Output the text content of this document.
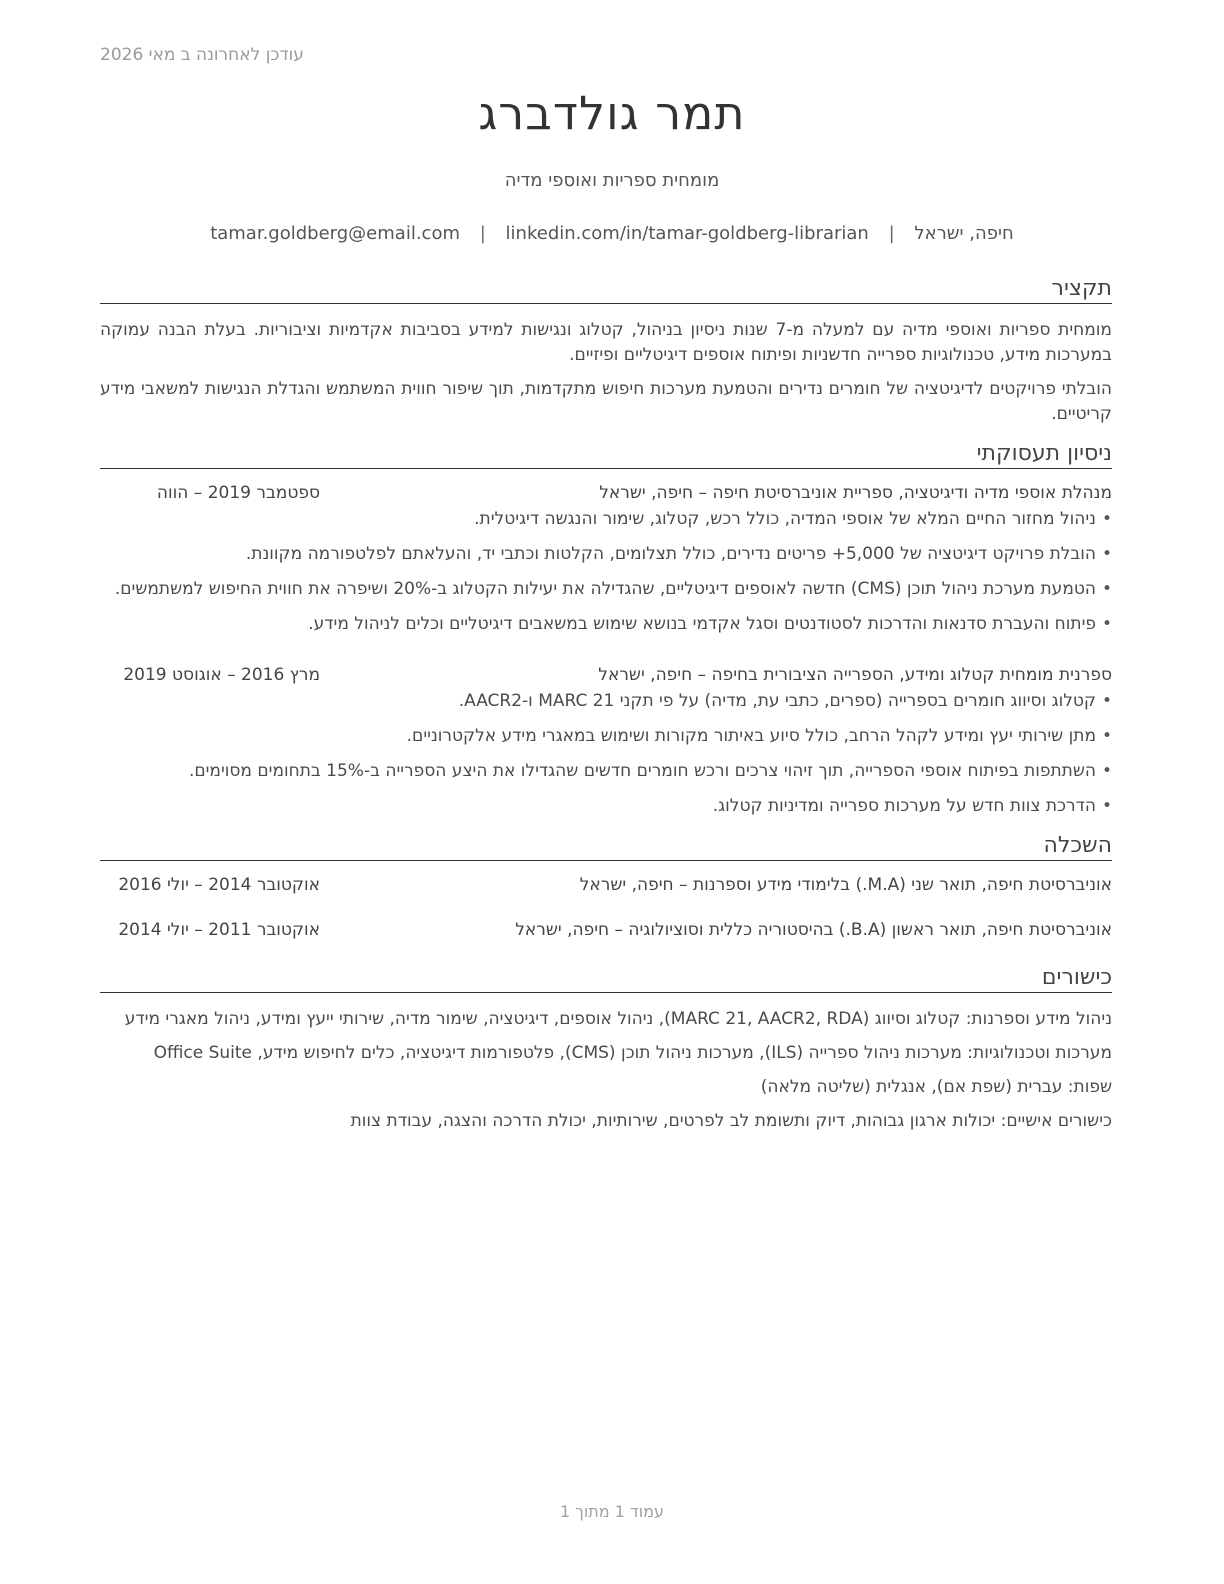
עודכן לאחרונה ב מאי 2026
תמר גולדברג
מומחית ספריות ואוספי מדיה
חיפה, ישראל | tamar.goldberg@email.com | linkedin.com/in/tamar-goldberg-librarian
תקציר

מומחית ספריות ואוספי מדיה עם למעלה מ-7 שנות ניסיון בניהול, קטלוג ונגישות למידע בסביבות אקדמיות וציבוריות. בעלת הבנה עמוקה במערכות מידע, טכנולוגיות ספרייה חדשניות ופיתוח אוספים דיגיטליים ופיזיים.

הובלתי פרויקטים לדיגיטציה של חומרים נדירים והטמעת מערכות חיפוש מתקדמות, תוך שיפור חווית המשתמש והגדלת הנגישות למשאבי מידע קריטיים.

ניסיון תעסוקתי
מנהלת אוספי מדיה ודיגיטציה, ספריית אוניברסיטת חיפה – חיפה, ישראל
ספטמבר 2019 – הווה
• ניהול מחזור החיים המלא של אוספי המדיה, כולל רכש, קטלוג, שימור והנגשה דיגיטלית.
• הובלת פרויקט דיגיטציה של 5,000+ פריטים נדירים, כולל תצלומים, הקלטות וכתבי יד, והעלאתם לפלטפורמה מקוונת.
• הטמעת מערכת ניהול תוכן (CMS) חדשה לאוספים דיגיטליים, שהגדילה את יעילות הקטלוג ב-20% ושיפרה את חווית החיפוש למשתמשים.
• פיתוח והעברת סדנאות והדרכות לסטודנטים וסגל אקדמי בנושא שימוש במשאבים דיגיטליים וכלים לניהול מידע.
ספרנית מומחית קטלוג ומידע, הספרייה הציבורית בחיפה – חיפה, ישראל
מרץ 2016 – אוגוסט 2019
• קטלוג וסיווג חומרים בספרייה (ספרים, כתבי עת, מדיה) על פי תקני MARC 21 ו-AACR2.
• מתן שירותי יעץ ומידע לקהל הרחב, כולל סיוע באיתור מקורות ושימוש במאגרי מידע אלקטרוניים.
• השתתפות בפיתוח אוספי הספרייה, תוך זיהוי צרכים ורכש חומרים חדשים שהגדילו את היצע הספרייה ב-15% בתחומים מסוימים.
• הדרכת צוות חדש על מערכות ספרייה ומדיניות קטלוג.
השכלה
אוניברסיטת חיפה, תואר שני (M.A.) בלימודי מידע וספרנות – חיפה, ישראל
אוקטובר 2014 – יולי 2016
אוניברסיטת חיפה, תואר ראשון (B.A.) בהיסטוריה כללית וסוציולוגיה – חיפה, ישראל
אוקטובר 2011 – יולי 2014
כישורים
ניהול מידע וספרנות: קטלוג וסיווג (MARC 21, AACR2, RDA), ניהול אוספים, דיגיטציה, שימור מדיה, שירותי ייעץ ומידע, ניהול מאגרי מידע
מערכות וטכנולוגיות: מערכות ניהול ספרייה (ILS), מערכות ניהול תוכן (CMS), פלטפורמות דיגיטציה, כלים לחיפוש מידע, Office Suite
שפות: עברית (שפת אם), אנגלית (שליטה מלאה)
כישורים אישיים: יכולות ארגון גבוהות, דיוק ותשומת לב לפרטים, שירותיות, יכולת הדרכה והצגה, עבודת צוות
עמוד 1 מתוך 1
